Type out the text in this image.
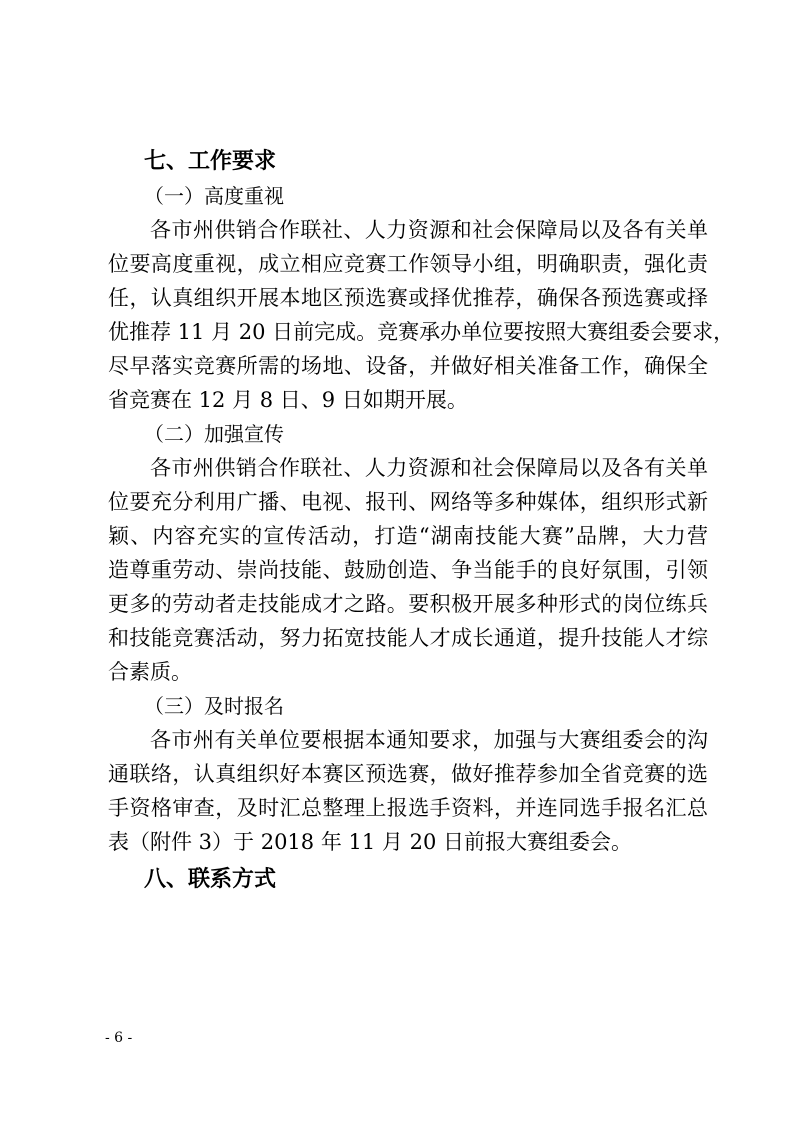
七、工作要求
（一）高度重视
各市州供销合作联社、人力资源和社会保障局以及各有关单
位要高度重视，成立相应竞赛工作领导小组，明确职责，强化责
任，认真组织开展本地区预选赛或择优推荐，确保各预选赛或择
优推荐 11 月 20 日前完成。竞赛承办单位要按照大赛组委会要求，
尽早落实竞赛所需的场地、设备，并做好相关准备工作，确保全
省竞赛在 12 月 8 日、9 日如期开展。
（二）加强宣传
各市州供销合作联社、人力资源和社会保障局以及各有关单
位要充分利用广播、电视、报刊、网络等多种媒体，组织形式新
颖、内容充实的宣传活动，打造“湖南技能大赛”品牌，大力营
造尊重劳动、崇尚技能、鼓励创造、争当能手的良好氛围，引领
更多的劳动者走技能成才之路。要积极开展多种形式的岗位练兵
和技能竞赛活动，努力拓宽技能人才成长通道，提升技能人才综
合素质。
（三）及时报名
各市州有关单位要根据本通知要求，加强与大赛组委会的沟
通联络，认真组织好本赛区预选赛，做好推荐参加全省竞赛的选
手资格审查，及时汇总整理上报选手资料，并连同选手报名汇总
表（附件 3）于 2018 年 11 月 20 日前报大赛组委会。
八、联系方式
- 6 -
